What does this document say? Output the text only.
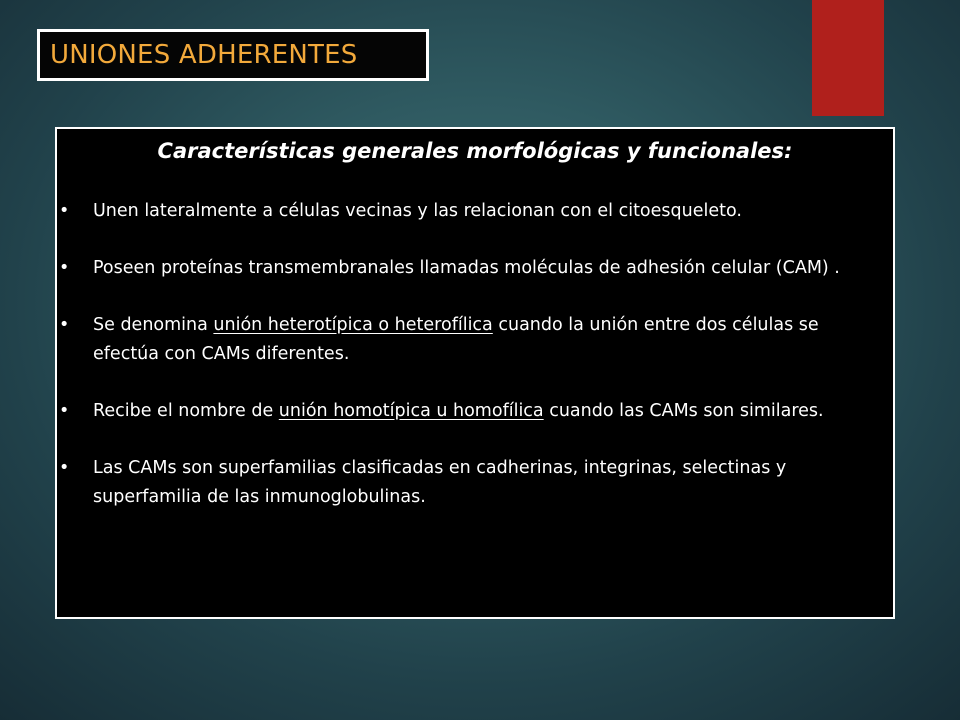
UNIONES ADHERENTES
Características generales morfológicas y funcionales:
• Unen lateralmente a células vecinas y las relacionan con el citoesqueleto.
• Poseen proteínas transmembranales llamadas moléculas de adhesión celular (CAM) .
• Se denomina unión heterotípica o heterofílica cuando la unión entre dos células se efectúa con CAMs diferentes.
• Recibe el nombre de unión homotípica u homofílica cuando las CAMs son similares.
• Las CAMs son superfamilias clasificadas en cadherinas, integrinas, selectinas y superfamilia de las inmunoglobulinas.
